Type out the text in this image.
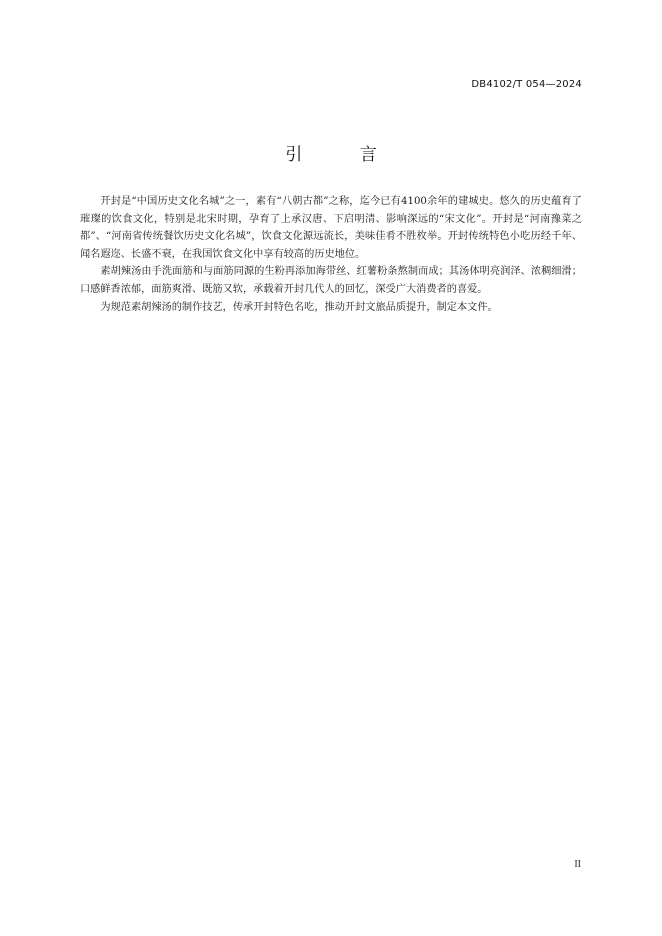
DB4102/T 054—2024
引 言

开封是“中国历史文化名城”之一，素有“八朝古都”之称，迄今已有4100余年的建城史。悠久的历史蕴育了璀璨的饮食文化，特别是北宋时期，孕育了上承汉唐、下启明清、影响深远的“宋文化”。开封是“河南豫菜之都”、“河南省传统餐饮历史文化名城”，饮食文化源远流长，美味佳肴不胜枚举。开封传统特色小吃历经千年、闻名遐迩、长盛不衰，在我国饮食文化中享有较高的历史地位。

素胡辣汤由手洗面筋和与面筋同源的生粉再添加海带丝、红薯粉条熬制而成；其汤体明亮润泽、浓稠细滑；口感鲜香浓郁，面筋爽滑、既筋又软，承载着开封几代人的回忆，深受广大消费者的喜爱。

为规范素胡辣汤的制作技艺，传承开封特色名吃，推动开封文旅品质提升，制定本文件。

II
